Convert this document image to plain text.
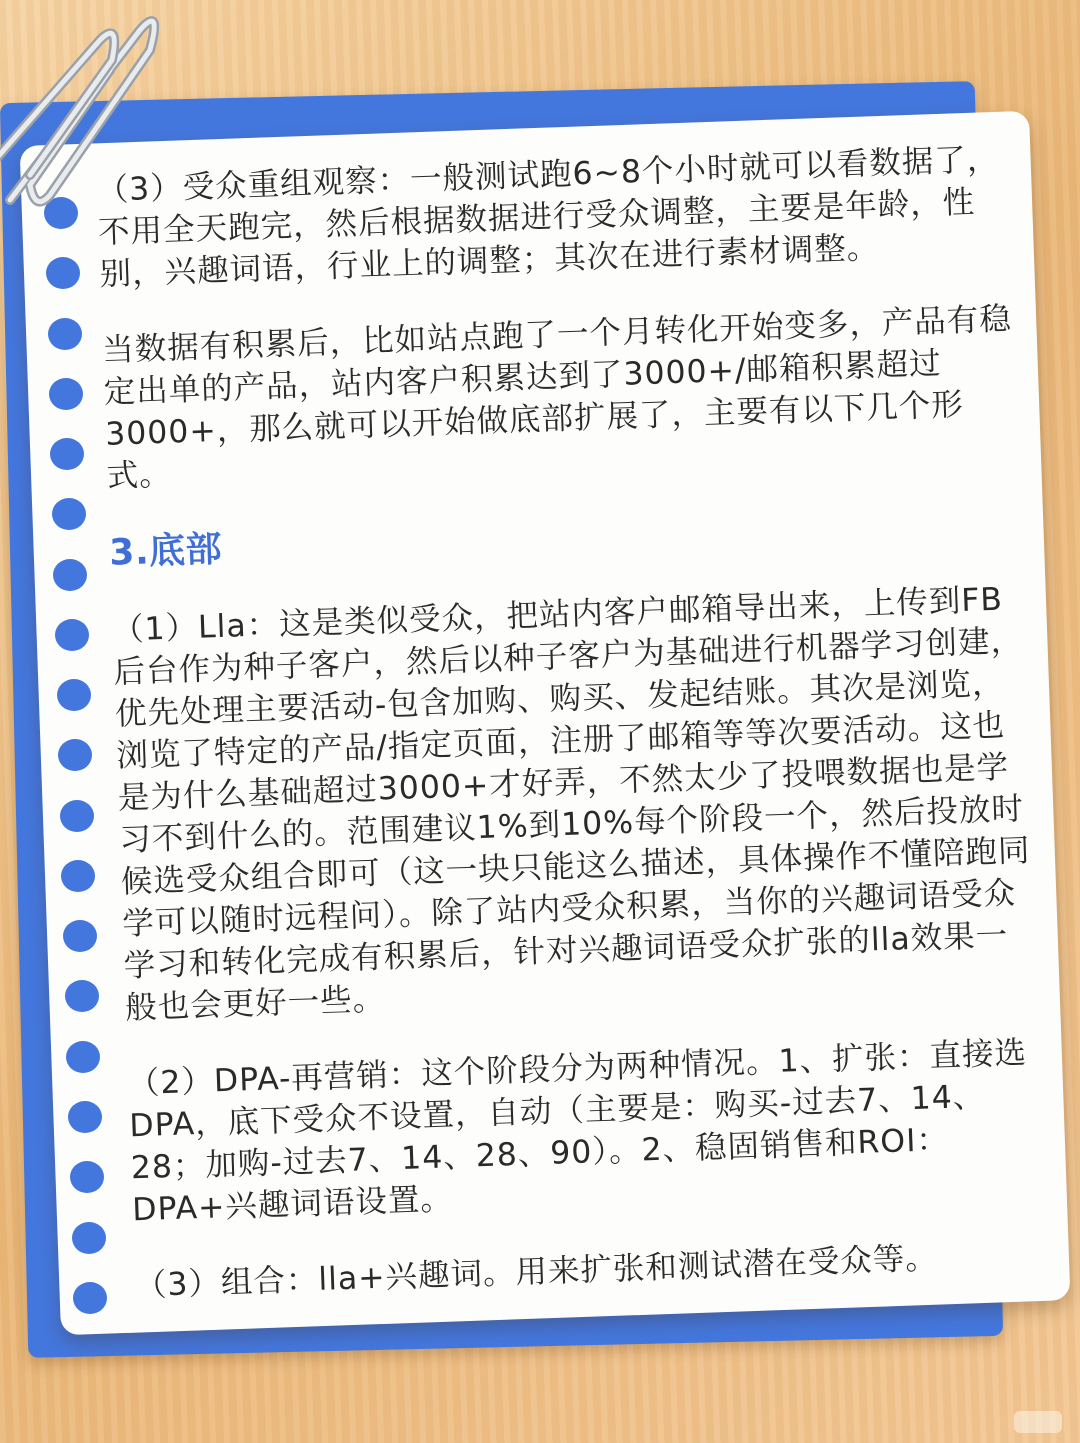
（3）受众重组观察：一般测试跑6~8个小时就可以看数据了，不用全天跑完，然后根据数据进行受众调整，主要是年龄，性别，兴趣词语，行业上的调整；其次在进行素材调整。

当数据有积累后，比如站点跑了一个月转化开始变多，产品有稳定出单的产品，站内客户积累达到了3000+/邮箱积累超过3000+，那么就可以开始做底部扩展了，主要有以下几个形式。

3.底部

（1）Lla：这是类似受众，把站内客户邮箱导出来，上传到FB后台作为种子客户，然后以种子客户为基础进行机器学习创建，优先处理主要活动-包含加购、购买、发起结账。其次是浏览，浏览了特定的产品/指定页面，注册了邮箱等等次要活动。这也是为什么基础超过3000+才好弄，不然太少了投喂数据也是学习不到什么的。范围建议1%到10%每个阶段一个，然后投放时候选受众组合即可（这一块只能这么描述，具体操作不懂陪跑同学可以随时远程问）。除了站内受众积累，当你的兴趣词语受众学习和转化完成有积累后，针对兴趣词语受众扩张的lla效果一般也会更好一些。

（2）DPA-再营销：这个阶段分为两种情况。1、扩张：直接选DPA，底下受众不设置，自动（主要是：购买-过去7、14、28；加购-过去7、14、28、90）。2、稳固销售和ROI：DPA+兴趣词语设置。

（3）组合：lla+兴趣词。用来扩张和测试潜在受众等。
